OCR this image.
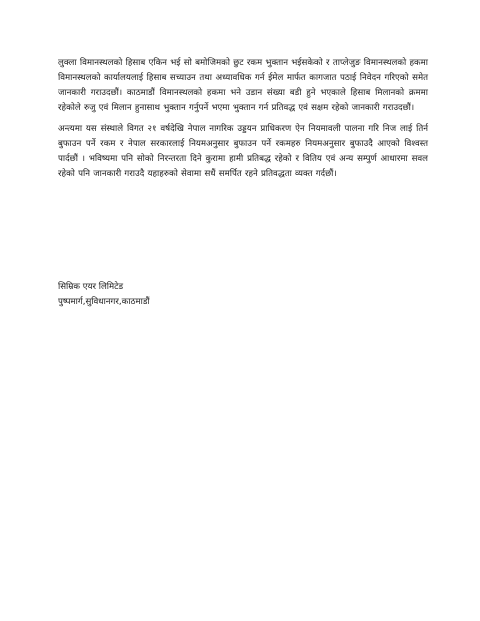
लुक्ला विमानस्थलको हिसाब एकिन भई सो बमोजिमको छुट रकम भुक्तान भईसकेको र ताप्लेजुङ विमानस्थलको हकमा विमानस्थलको कार्यालयलाई हिसाब सच्याउन तथा अध्यावधिक गर्न ईमेल मार्फत कागजात पठाई निवेदन गरिएको समेत जानकारी गराउदछौं। काठमाडौं विमानस्थलको हकमा भने उडान संख्या बडी हुने भएकाले हिसाब मिलानको क्रममा रहेकोले रुजु एवं मिलान हुनासाथ भुक्तान गर्नुपर्ने भएमा भुक्तान गर्न प्रतिवद्ध एवं सक्षम रहेको जानकारी गराउदछौं।

अन्त्यमा यस संस्थाले विगत २१ वर्षदेखि नेपाल नागरिक उड्डयन प्राधिकरण ऐन नियमावली पालना गरि निज लाई तिर्न बुफाउन पर्ने रकम र नेपाल सरकारलाई नियमअनुसार बुफाउन पर्ने रकमहरु नियमअनुसार बुफाउदै आएको विश्वस्त पार्दछौं । भविष्यमा पनि सोको निरन्तरता दिने कुरामा हामी प्रतिबद्ध रहेको र वितिय एवं अन्य सम्पुर्ण आधारमा सवल रहेको पनि जानकारी गराउदै यहाहरुको सेवामा सधैं समर्पित रहने प्रतिवद्धता व्यक्त गर्दछौं।

सिम्रिक एयर लिमिटेड

पुष्पमार्ग,सुविधानगर,काठमाडौं
